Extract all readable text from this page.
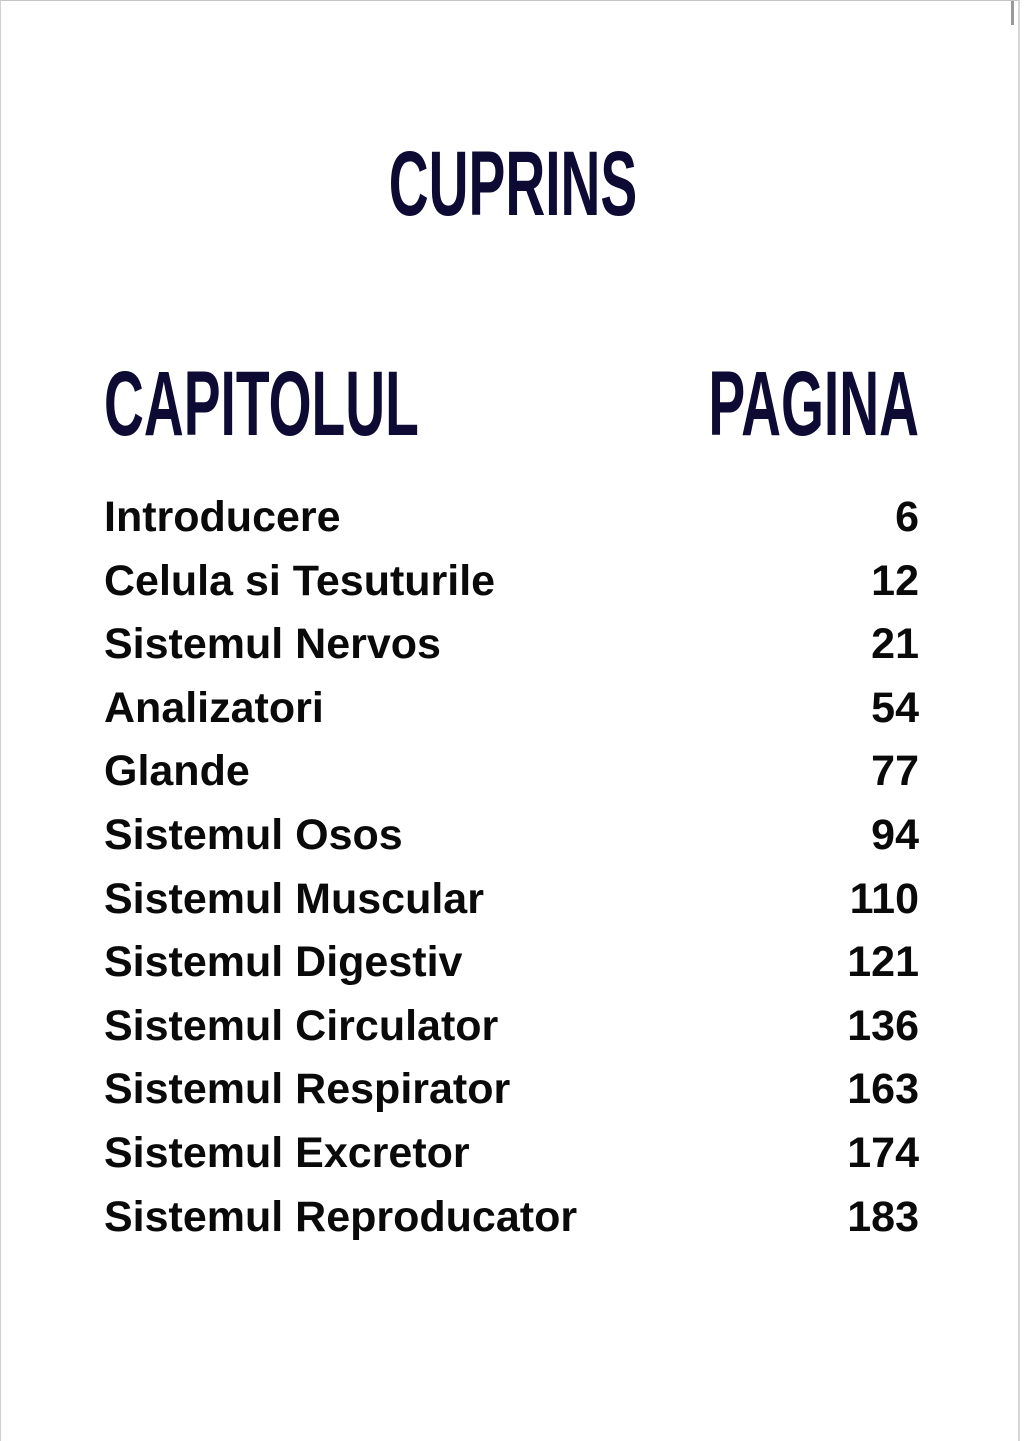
CUPRINS
CAPITOLUL	PAGINA
Introducere	6
Celula si Tesuturile	12
Sistemul Nervos	21
Analizatori	54
Glande	77
Sistemul Osos	94
Sistemul Muscular	110
Sistemul Digestiv	121
Sistemul Circulator	136
Sistemul Respirator	163
Sistemul Excretor	174
Sistemul Reproducator	183
